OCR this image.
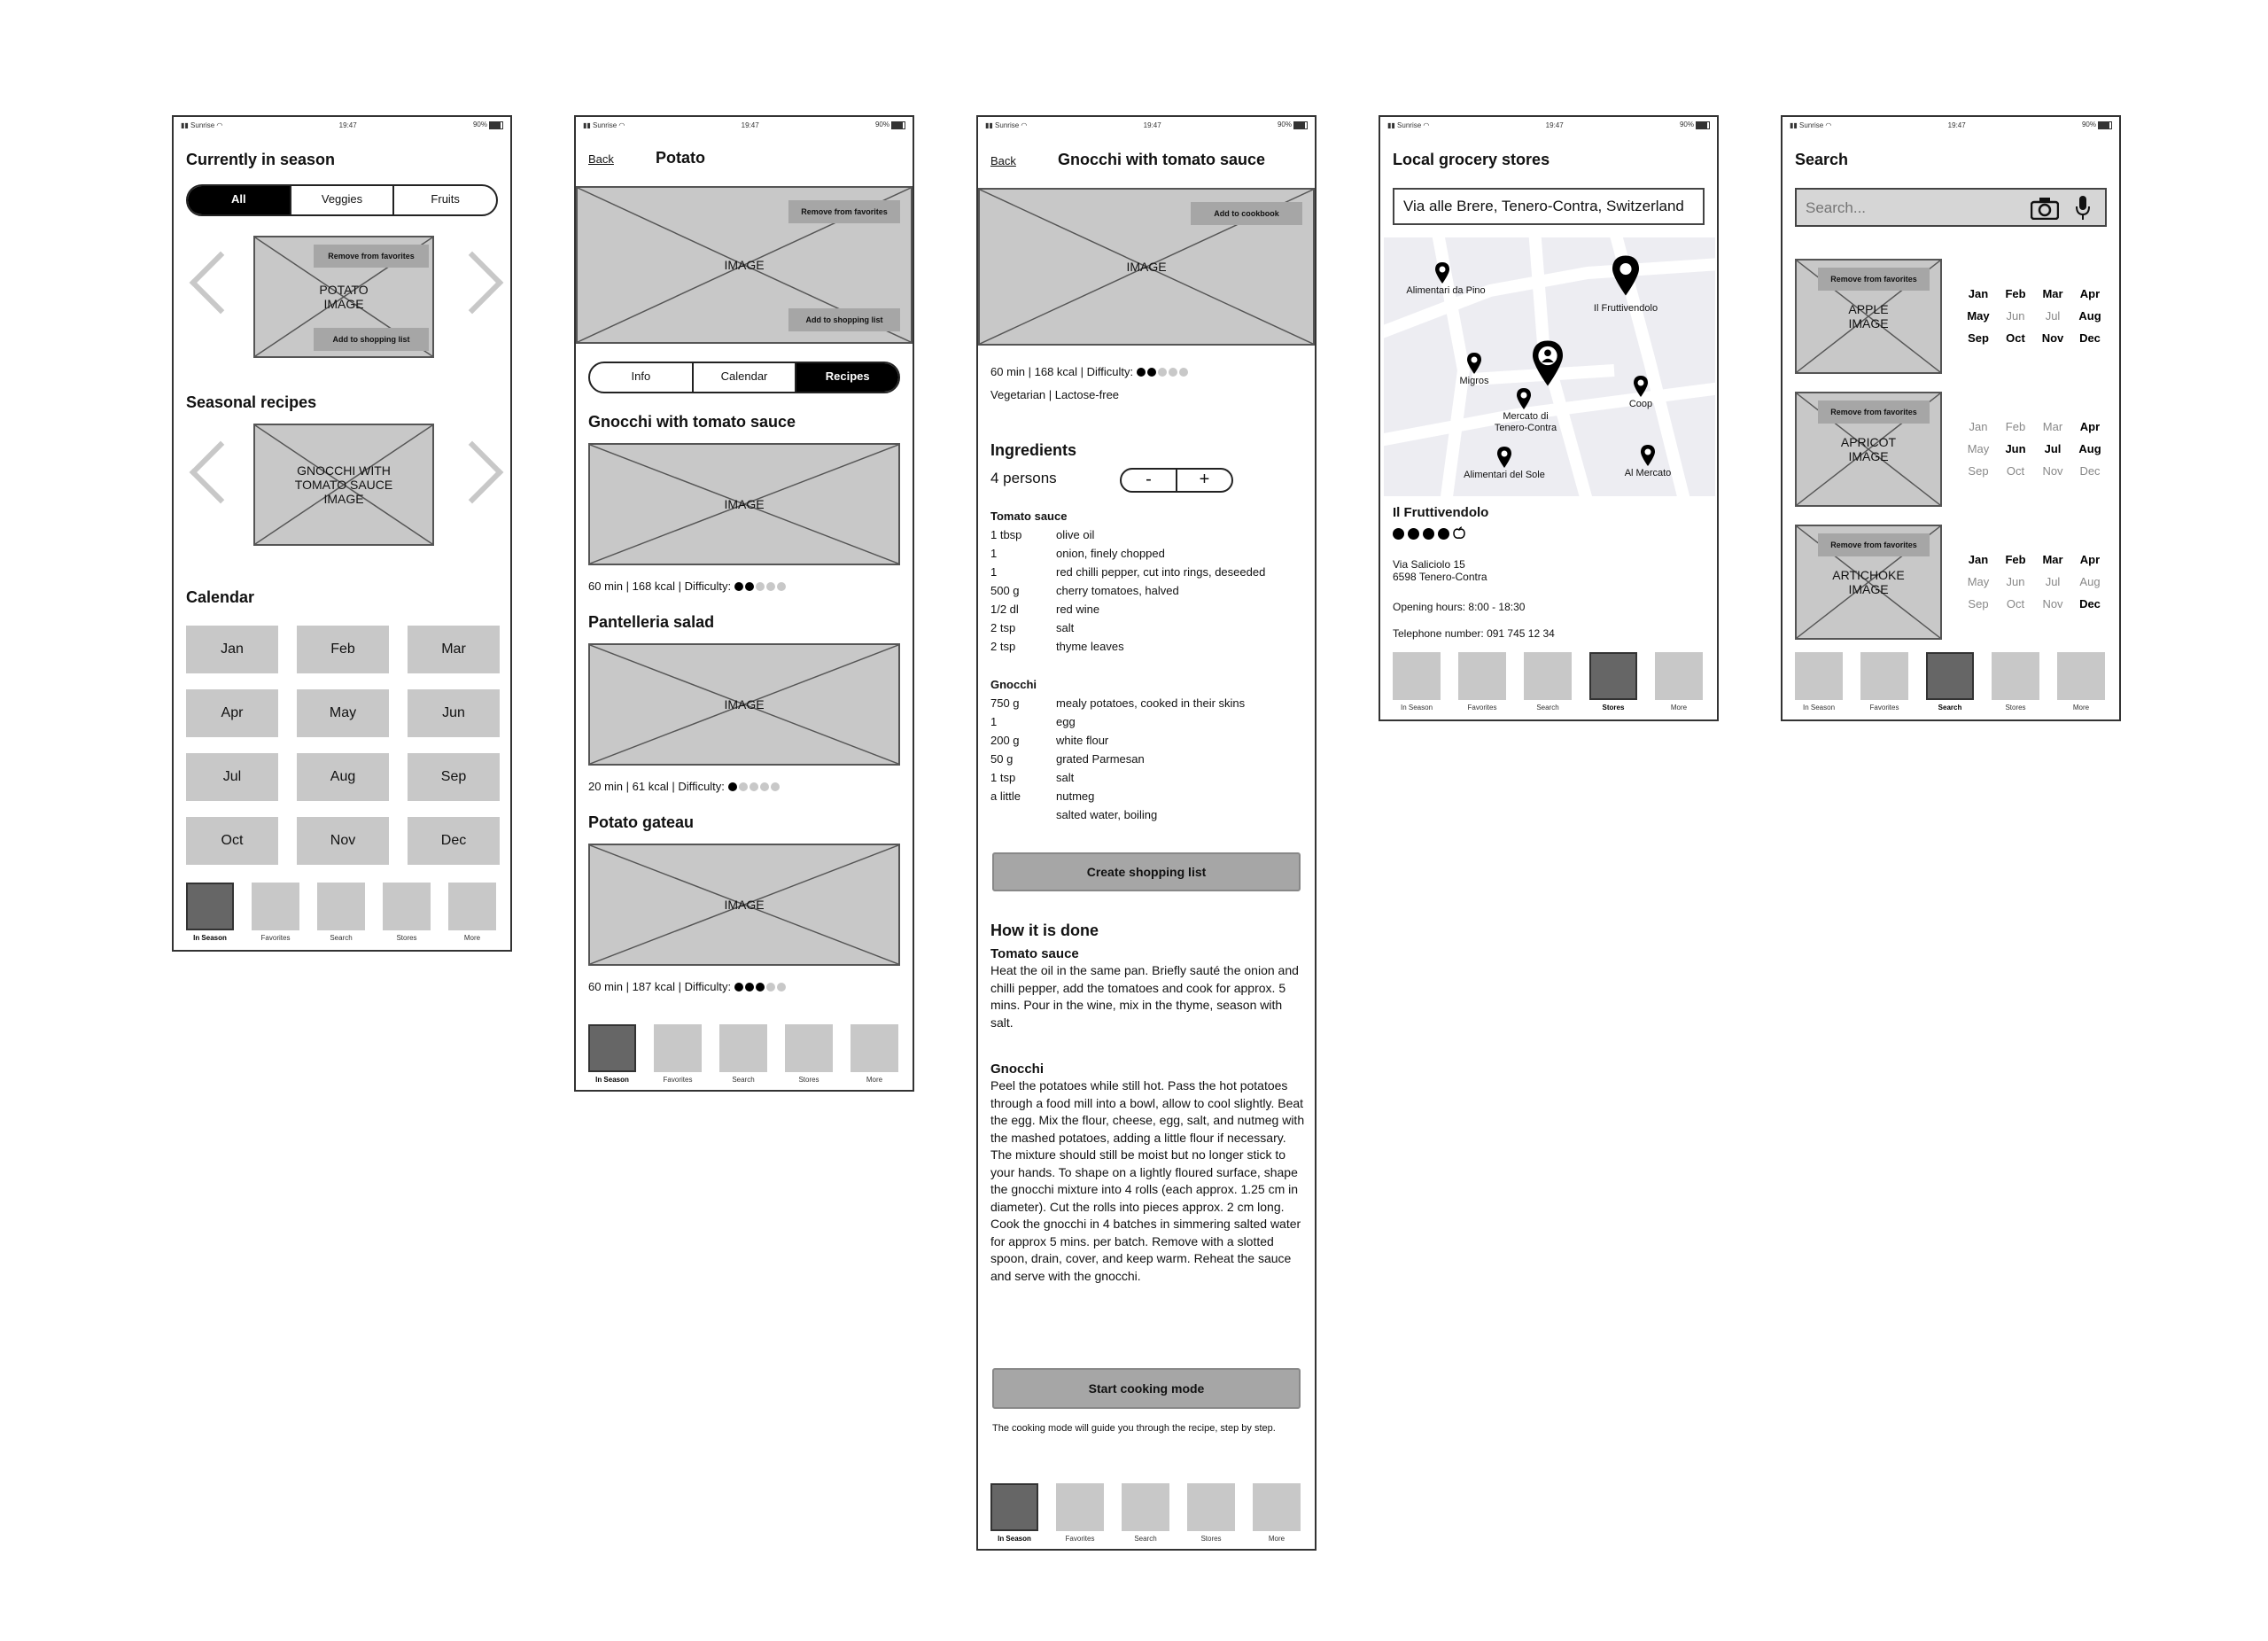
▮▮ Sunrise ◠	19:47	90%
Currently in season
All	Veggies	Fruits
POTATO
IMAGE
Remove from favorites
Add to shopping list
Seasonal recipes
GNOCCHI WITH
TOMATO SAUCE
IMAGE
Calendar
Jan	Feb	Mar
Apr	May	Jun
Jul	Aug	Sep
Oct	Nov	Dec
In Season	Favorites	Search	Stores	More
▮▮ Sunrise ◠	19:47	90%
Back	Potato
IMAGE
Remove from favorites
Add to shopping list
Info	Calendar	Recipes
Gnocchi with tomato sauce
IMAGE
60 min | 168 kcal | Difficulty:
Pantelleria salad
IMAGE
20 min | 61 kcal | Difficulty:
Potato gateau
IMAGE
60 min | 187 kcal | Difficulty:
In Season	Favorites	Search	Stores	More
▮▮ Sunrise ◠	19:47	90%
Back	Gnocchi with tomato sauce
IMAGE
Add to cookbook
60 min | 168 kcal | Difficulty:
Vegetarian | Lactose-free
Ingredients
4 persons	-	+
Tomato sauce
1 tbsp	olive oil
1	onion, finely chopped
1	red chilli pepper, cut into rings, deseeded
500 g	cherry tomatoes, halved
1/2 dl	red wine
2 tsp	salt
2 tsp	thyme leaves
Gnocchi
750 g	mealy potatoes, cooked in their skins
1	egg
200 g	white flour
50 g	grated Parmesan
1 tsp	salt
a little	nutmeg
salted water, boiling
Create shopping list
How it is done
Tomato sauce
Heat the oil in the same pan. Briefly sauté the onion and chilli pepper, add the tomatoes and cook for approx. 5 mins. Pour in the wine, mix in the thyme, season with salt.
Gnocchi
Peel the potatoes while still hot. Pass the hot potatoes through a food mill into a bowl, allow to cool slightly. Beat the egg. Mix the flour, cheese, egg, salt, and nutmeg with the mashed potatoes, adding a little flour if necessary. The mixture should still be moist but no longer stick to your hands. To shape on a lightly floured surface, shape the gnocchi mixture into 4 rolls (each approx. 1.25 cm in diameter). Cut the rolls into pieces approx. 2 cm long. Cook the gnocchi in 4 batches in simmering salted water for approx 5 mins. per batch. Remove with a slotted spoon, drain, cover, and keep warm. Reheat the sauce and serve with the gnocchi.
Start cooking mode
The cooking mode will guide you through the recipe, step by step.
In Season	Favorites	Search	Stores	More
▮▮ Sunrise ◠	19:47	90%
Local grocery stores
Via alle Brere, Tenero-Contra, Switzerland
Alimentari da Pino
Il Fruttivendolo
Migros
Mercato di
Tenero-Contra
Coop
Alimentari del Sole	Al Mercato
Il Fruttivendolo
Via Saliciolo 15
6598 Tenero-Contra
Opening hours: 8:00 - 18:30
Telephone number: 091 745 12 34
In Season	Favorites	Search	Stores	More
▮▮ Sunrise ◠	19:47	90%
Search
Search...
APPLE
IMAGE
Remove from favorites
Jan	Feb	Mar	Apr
May	Jun	Jul	Aug
Sep	Oct	Nov	Dec
APRICOT
IMAGE
Remove from favorites
Jan	Feb	Mar	Apr
May	Jun	Jul	Aug
Sep	Oct	Nov	Dec
ARTICHOKE
IMAGE
Remove from favorites
Jan	Feb	Mar	Apr
May	Jun	Jul	Aug
Sep	Oct	Nov	Dec
In Season	Favorites	Search	Stores	More
